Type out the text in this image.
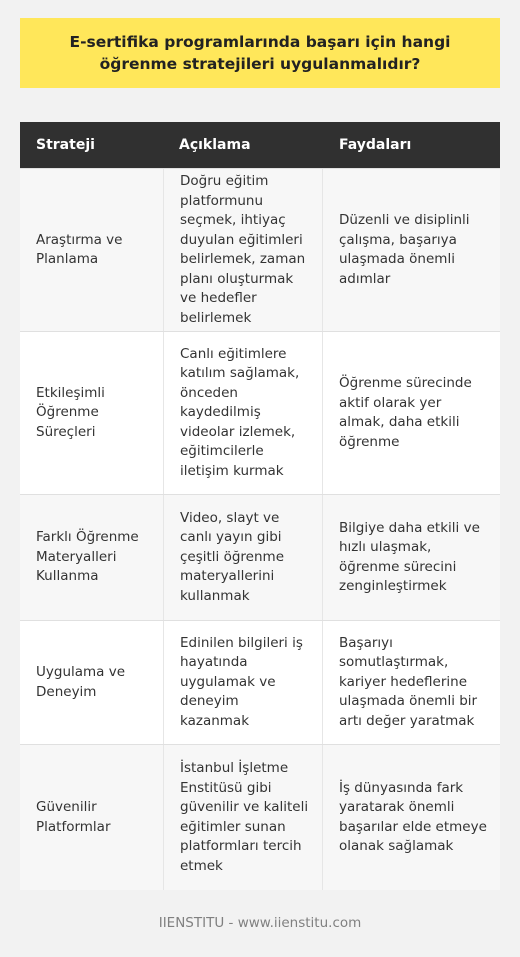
E-sertifika programlarında başarı için hangi öğrenme stratejileri uygulanmalıdır?
Strateji	Açıklama	Faydaları
Araştırma ve Planlama
Doğru eğitim platformunu seçmek, ihtiyaç duyulan eğitimleri belirlemek, zaman planı oluşturmak ve hedefler belirlemek
Düzenli ve disiplinli çalışma, başarıya ulaşmada önemli adımlar
Etkileşimli Öğrenme Süreçleri
Canlı eğitimlere katılım sağlamak, önceden kaydedilmiş videolar izlemek, eğitimcilerle iletişim kurmak
Öğrenme sürecinde aktif olarak yer almak, daha etkili öğrenme
Farklı Öğrenme Materyalleri Kullanma
Video, slayt ve canlı yayın gibi çeşitli öğrenme materyallerini kullanmak
Bilgiye daha etkili ve hızlı ulaşmak, öğrenme sürecini zenginleştirmek
Uygulama ve Deneyim
Edinilen bilgileri iş hayatında uygulamak ve deneyim kazanmak
Başarıyı somutlaştırmak, kariyer hedeflerine ulaşmada önemli bir artı değer yaratmak
Güvenilir Platformlar
İstanbul İşletme Enstitüsü gibi güvenilir ve kaliteli eğitimler sunan platformları tercih etmek
İş dünyasında fark yaratarak önemli başarılar elde etmeye olanak sağlamak
IIENSTITU - www.iienstitu.com
